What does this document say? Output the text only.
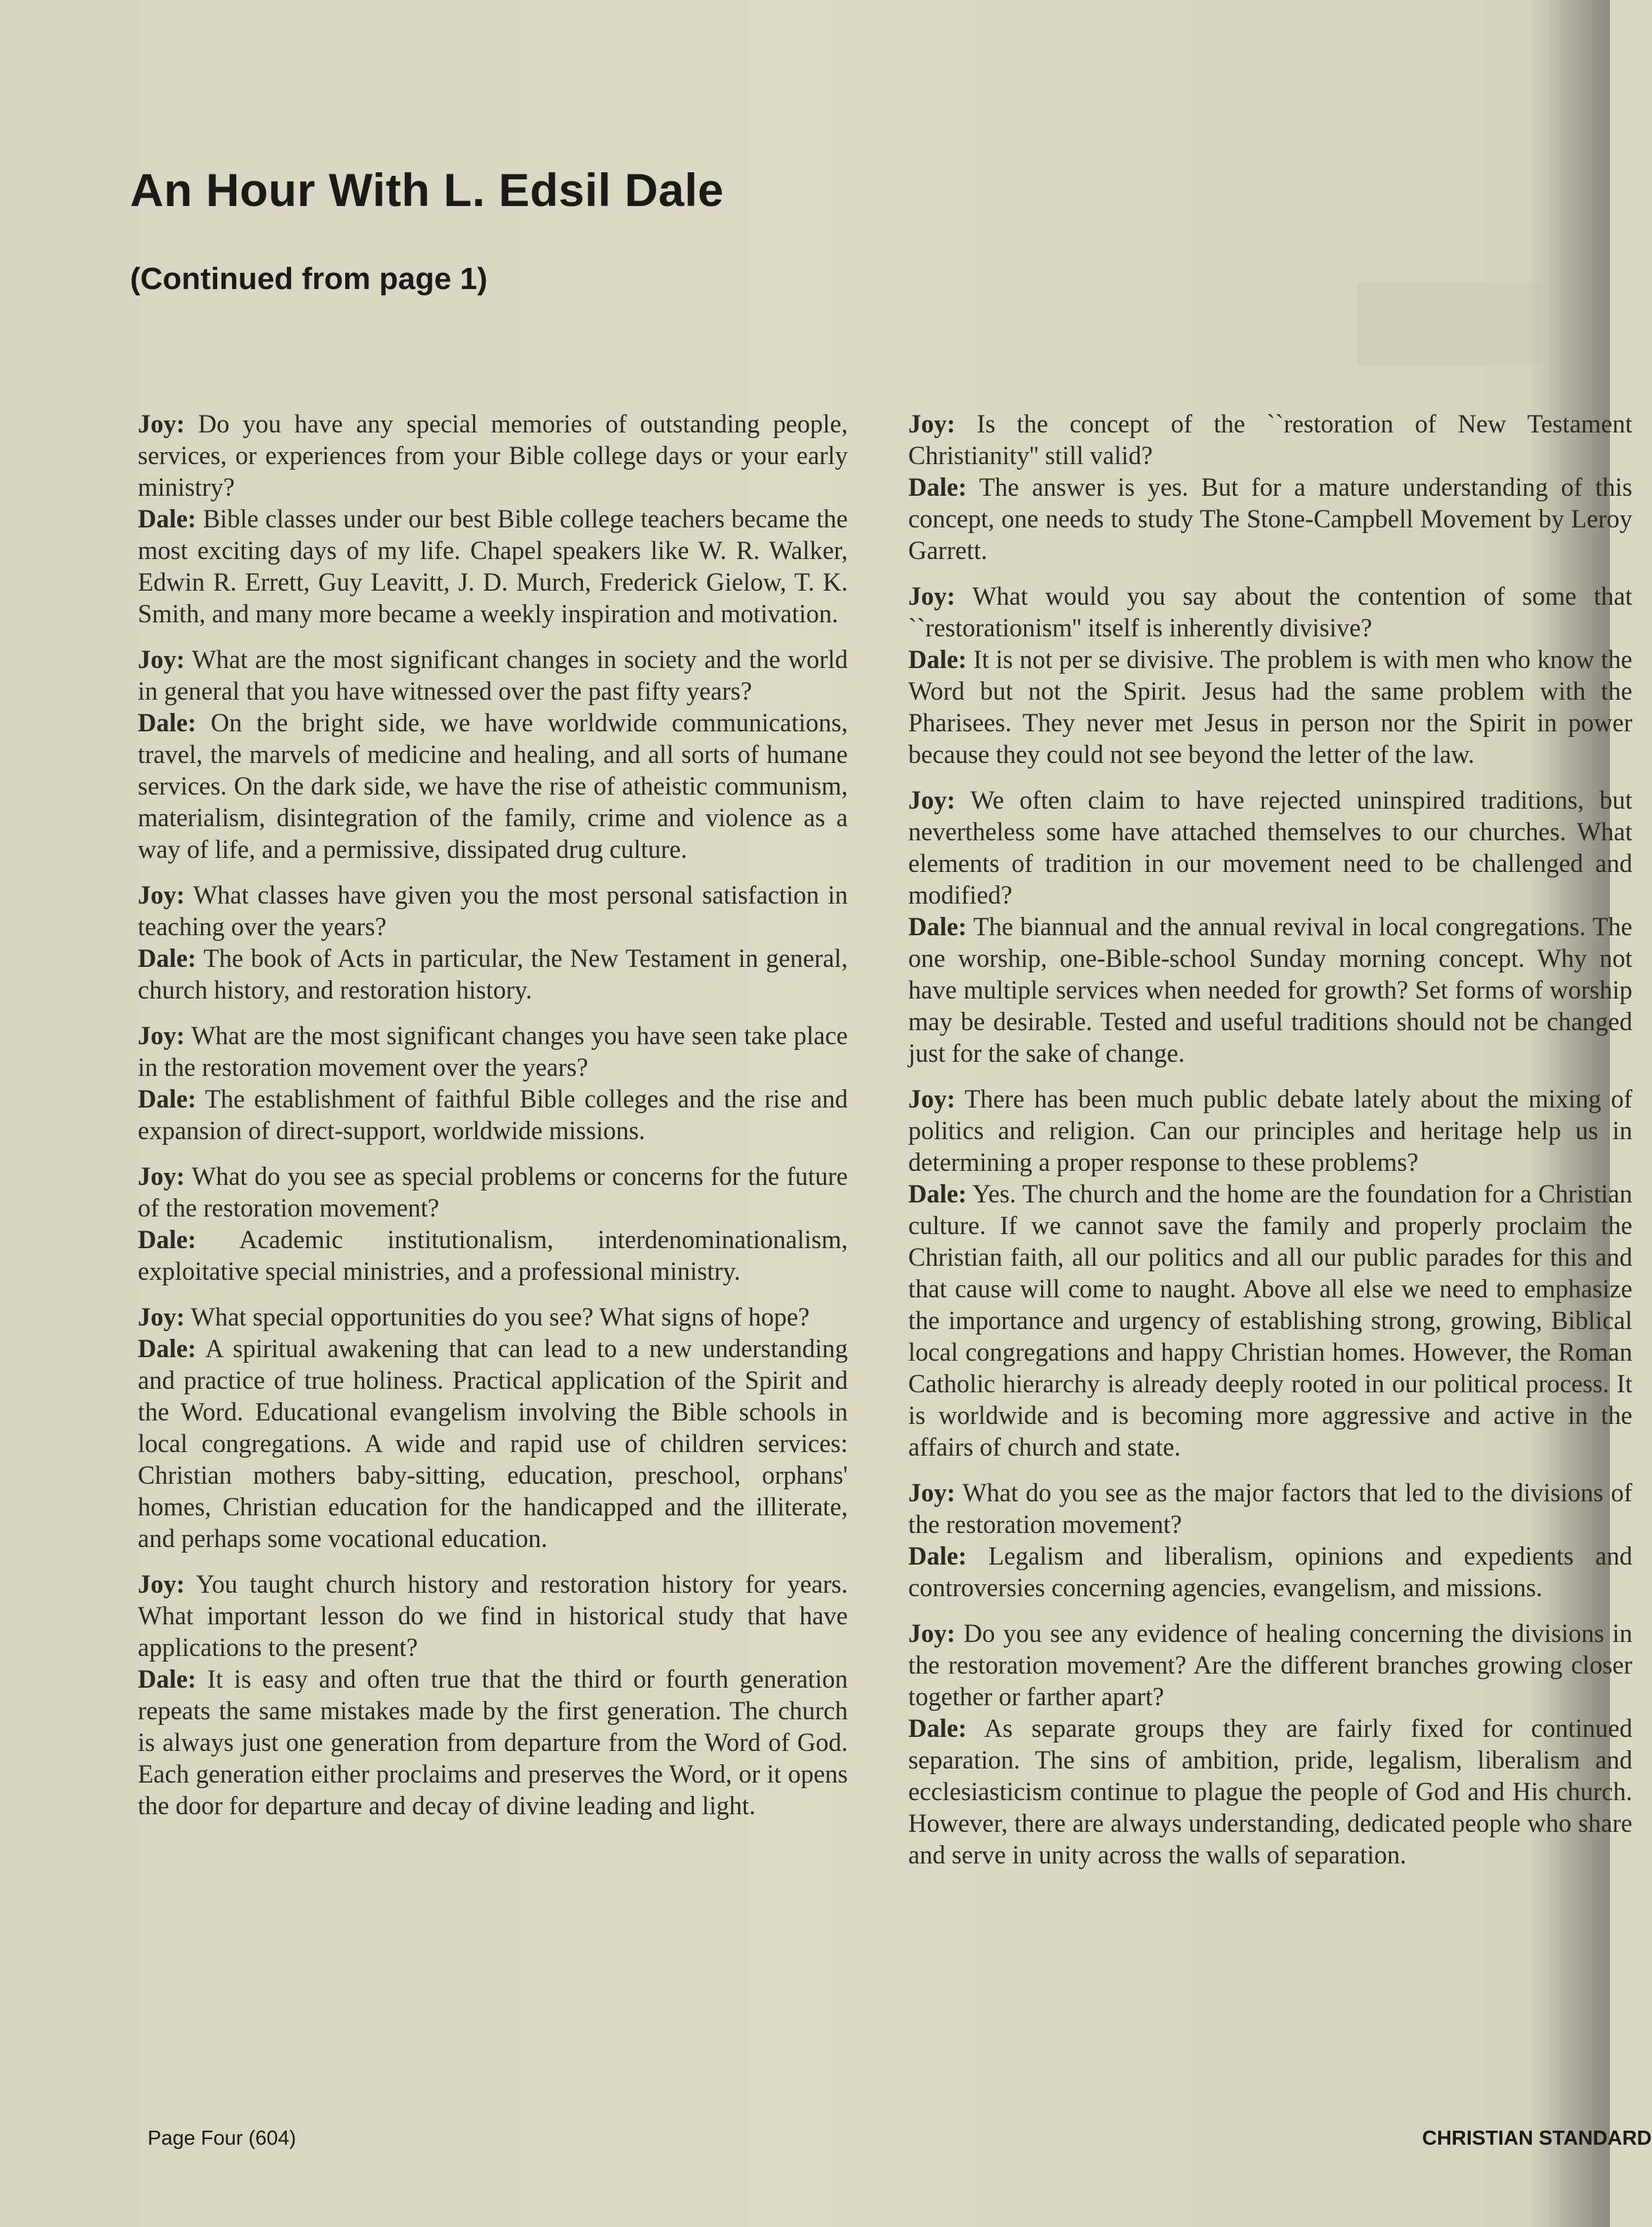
An Hour With L. Edsil Dale
(Continued from page 1)

Joy: Do you have any special memories of outstanding people, services, or experiences from your Bible college days or your early ministry?

Dale: Bible classes under our best Bible college teachers became the most exciting days of my life. Chapel speakers like W. R. Walker, Edwin R. Errett, Guy Leavitt, J. D. Murch, Frederick Gielow, T. K. Smith, and many more became a weekly inspiration and motivation.

Joy: What are the most significant changes in society and the world in general that you have witnessed over the past fifty years?

Dale: On the bright side, we have worldwide communications, travel, the marvels of medicine and healing, and all sorts of humane services. On the dark side, we have the rise of atheistic communism, materialism, disintegration of the family, crime and violence as a way of life, and a permissive, dissipated drug culture.

Joy: What classes have given you the most personal satisfaction in teaching over the years?

Dale: The book of Acts in particular, the New Testament in general, church history, and restoration history.

Joy: What are the most significant changes you have seen take place in the restoration movement over the years?

Dale: The establishment of faithful Bible colleges and the rise and expansion of direct-support, worldwide missions.

Joy: What do you see as special problems or concerns for the future of the restoration movement?

Dale: Academic institutionalism, interdenominationalism, exploitative special ministries, and a professional ministry.

Joy: What special opportunities do you see? What signs of hope?

Dale: A spiritual awakening that can lead to a new understanding and practice of true holiness. Practical application of the Spirit and the Word. Educational evangelism involving the Bible schools in local congregations. A wide and rapid use of children services: Christian mothers baby-sitting, education, preschool, orphans' homes, Christian education for the handicapped and the illiterate, and perhaps some vocational education.

Joy: You taught church history and restoration history for years. What important lesson do we find in historical study that have applications to the present?

Dale: It is easy and often true that the third or fourth generation repeats the same mistakes made by the first generation. The church is always just one generation from departure from the Word of God. Each generation either proclaims and preserves the Word, or it opens the door for departure and decay of divine leading and light.

Joy: Is the concept of the ``restoration of New Testament Christianity'' still valid?

Dale: The answer is yes. But for a mature understanding of this concept, one needs to study The Stone-Campbell Movement by Leroy Garrett.

Joy: What would you say about the contention of some that ``restorationism'' itself is inherently divisive?

Dale: It is not per se divisive. The problem is with men who know the Word but not the Spirit. Jesus had the same problem with the Pharisees. They never met Jesus in person nor the Spirit in power because they could not see beyond the letter of the law.

Joy: We often claim to have rejected uninspired traditions, but nevertheless some have attached themselves to our churches. What elements of tradition in our movement need to be challenged and modified?

Dale: The biannual and the annual revival in local congregations. The one worship, one-Bible-school Sunday morning concept. Why not have multiple services when needed for growth? Set forms of worship may be desirable. Tested and useful traditions should not be changed just for the sake of change.

Joy: There has been much public debate lately about the mixing of politics and religion. Can our principles and heritage help us in determining a proper response to these problems?

Dale: Yes. The church and the home are the foundation for a Christian culture. If we cannot save the family and properly proclaim the Christian faith, all our politics and all our public parades for this and that cause will come to naught. Above all else we need to emphasize the importance and urgency of establishing strong, growing, Biblical local congregations and happy Christian homes. However, the Roman Catholic hierarchy is already deeply rooted in our political process. It is worldwide and is becoming more aggressive and active in the affairs of church and state.

Joy: What do you see as the major factors that led to the divisions of the restoration movement?

Dale: Legalism and liberalism, opinions and expedients and controversies concerning agencies, evangelism, and missions.

Joy: Do you see any evidence of healing concerning the divisions in the restoration movement? Are the different branches growing closer together or farther apart?

Dale: As separate groups they are fairly fixed for continued separation. The sins of ambition, pride, legalism, liberalism and ecclesiasticism continue to plague the people of God and His church. However, there are always understanding, dedicated people who share and serve in unity across the walls of separation.

Page Four (604)	CHRISTIAN STANDARD
